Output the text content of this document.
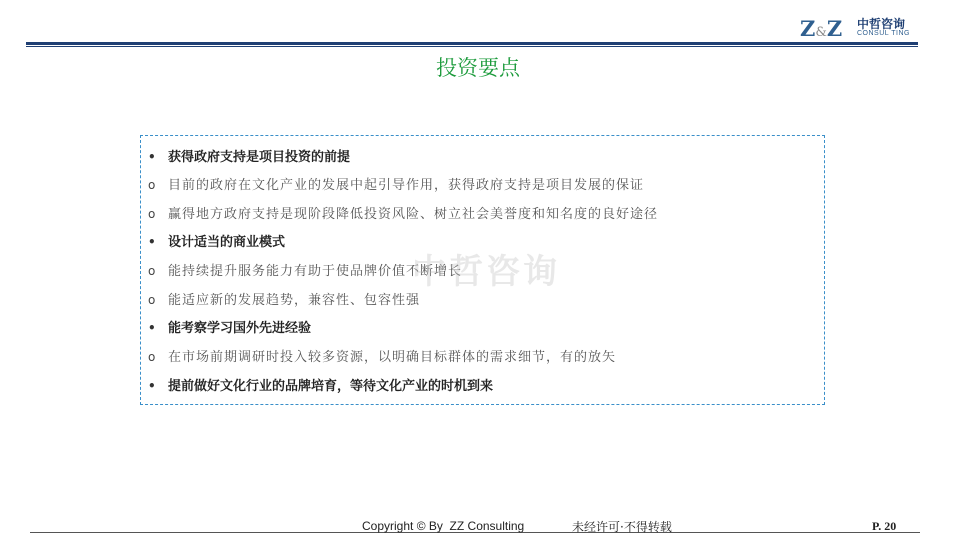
Z&Z 中哲咨询
CONSUL TING
投资要点
• 获得政府支持是项目投资的前提
o 目前的政府在文化产业的发展中起引导作用，获得政府支持是项目发展的保证
o 赢得地方政府支持是现阶段降低投资风险、树立社会美誉度和知名度的良好途径
• 设计适当的商业模式
o 能持续提升服务能力有助于使品牌价值不断增长
o 能适应新的发展趋势，兼容性、包容性强
• 能考察学习国外先进经验
o 在市场前期调研时投入较多资源，以明确目标群体的需求细节，有的放矢
• 提前做好文化行业的品牌培育，等待文化产业的时机到来
中哲咨询
Copyright © By  ZZ Consulting	未经许可·不得转载	P. 20
